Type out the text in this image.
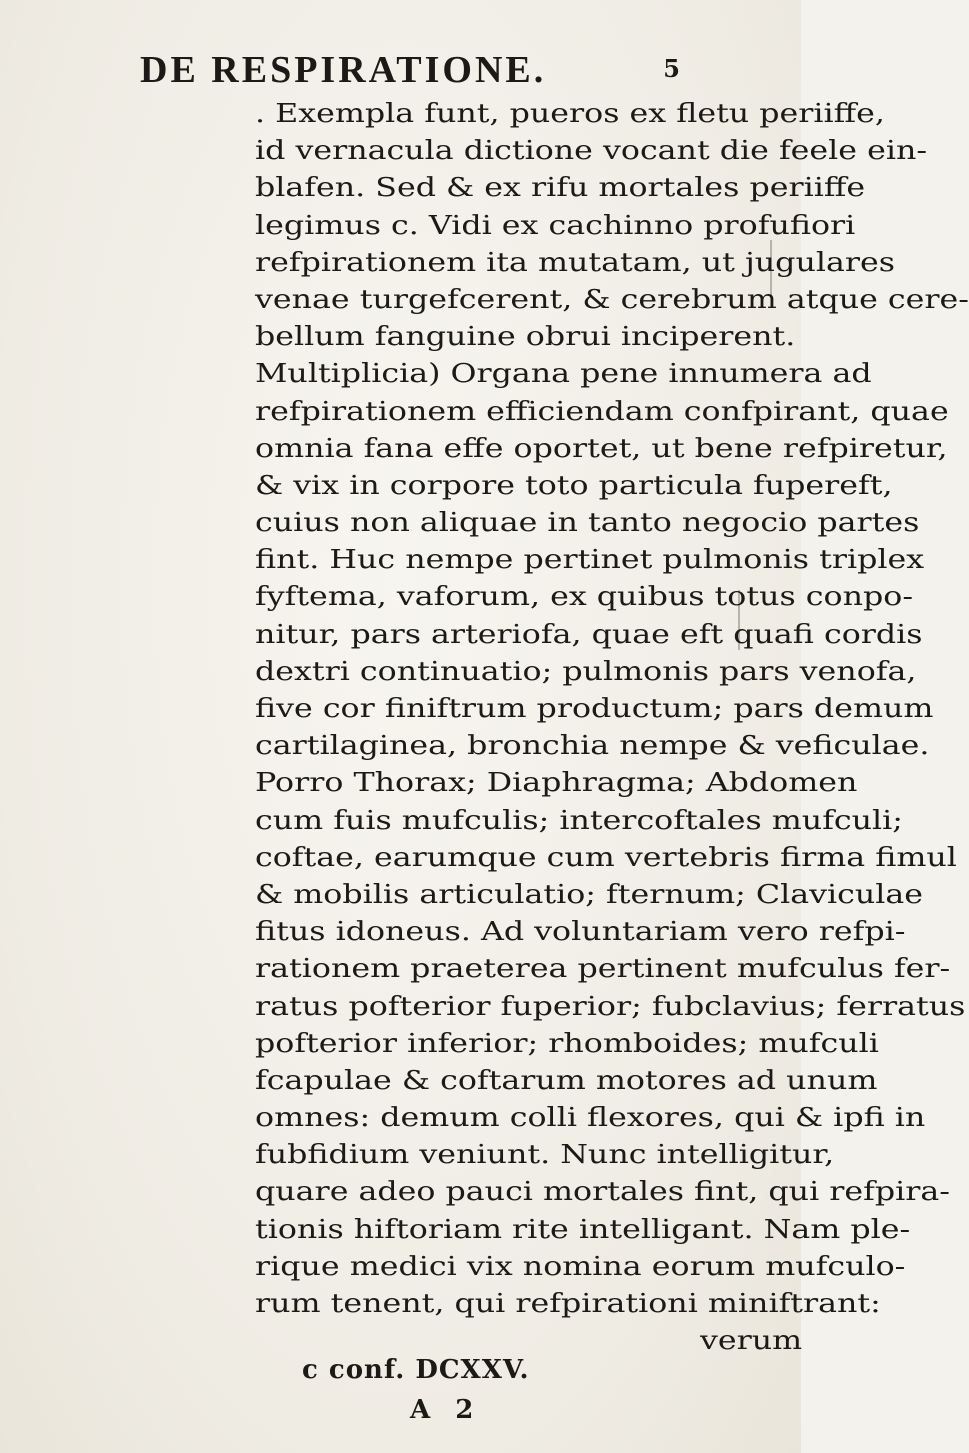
DE RESPIRATIONE.	5
. Exempla funt, pueros ex fletu periiffe,
id vernacula dictione vocant die feele ein-
blafen. Sed & ex rifu mortales periiffe
legimus c. Vidi ex cachinno profufiori
refpirationem ita mutatam, ut jugulares
venae turgefcerent, & cerebrum atque cere-
bellum fanguine obrui inciperent.
Multiplicia) Organa pene innumera ad
refpirationem efficiendam confpirant, quae
omnia fana effe oportet, ut bene refpiretur,
& vix in corpore toto particula fupereft,
cuius non aliquae in tanto negocio partes
fint. Huc nempe pertinet pulmonis triplex
fyftema, vaforum, ex quibus totus conpo-
nitur, pars arteriofa, quae eft quafi cordis
dextri continuatio; pulmonis pars venofa,
five cor finiftrum productum; pars demum
cartilaginea, bronchia nempe & veficulae.
Porro Thorax; Diaphragma; Abdomen
cum fuis mufculis; intercoftales mufculi;
coftae, earumque cum vertebris firma fimul
& mobilis articulatio; fternum; Claviculae
fitus idoneus. Ad voluntariam vero refpi-
rationem praeterea pertinent mufculus fer-
ratus pofterior fuperior; fubclavius; ferratus
pofterior inferior; rhomboides; mufculi
fcapulae & coftarum motores ad unum
omnes: demum colli flexores, qui & ipfi in
fubfidium veniunt. Nunc intelligitur,
quare adeo pauci mortales fint, qui refpira-
tionis hiftoriam rite intelligant. Nam ple-
rique medici vix nomina eorum mufculo-
rum tenent, qui refpirationi miniftrant:
verum
c conf. DCXXV.
A 2
